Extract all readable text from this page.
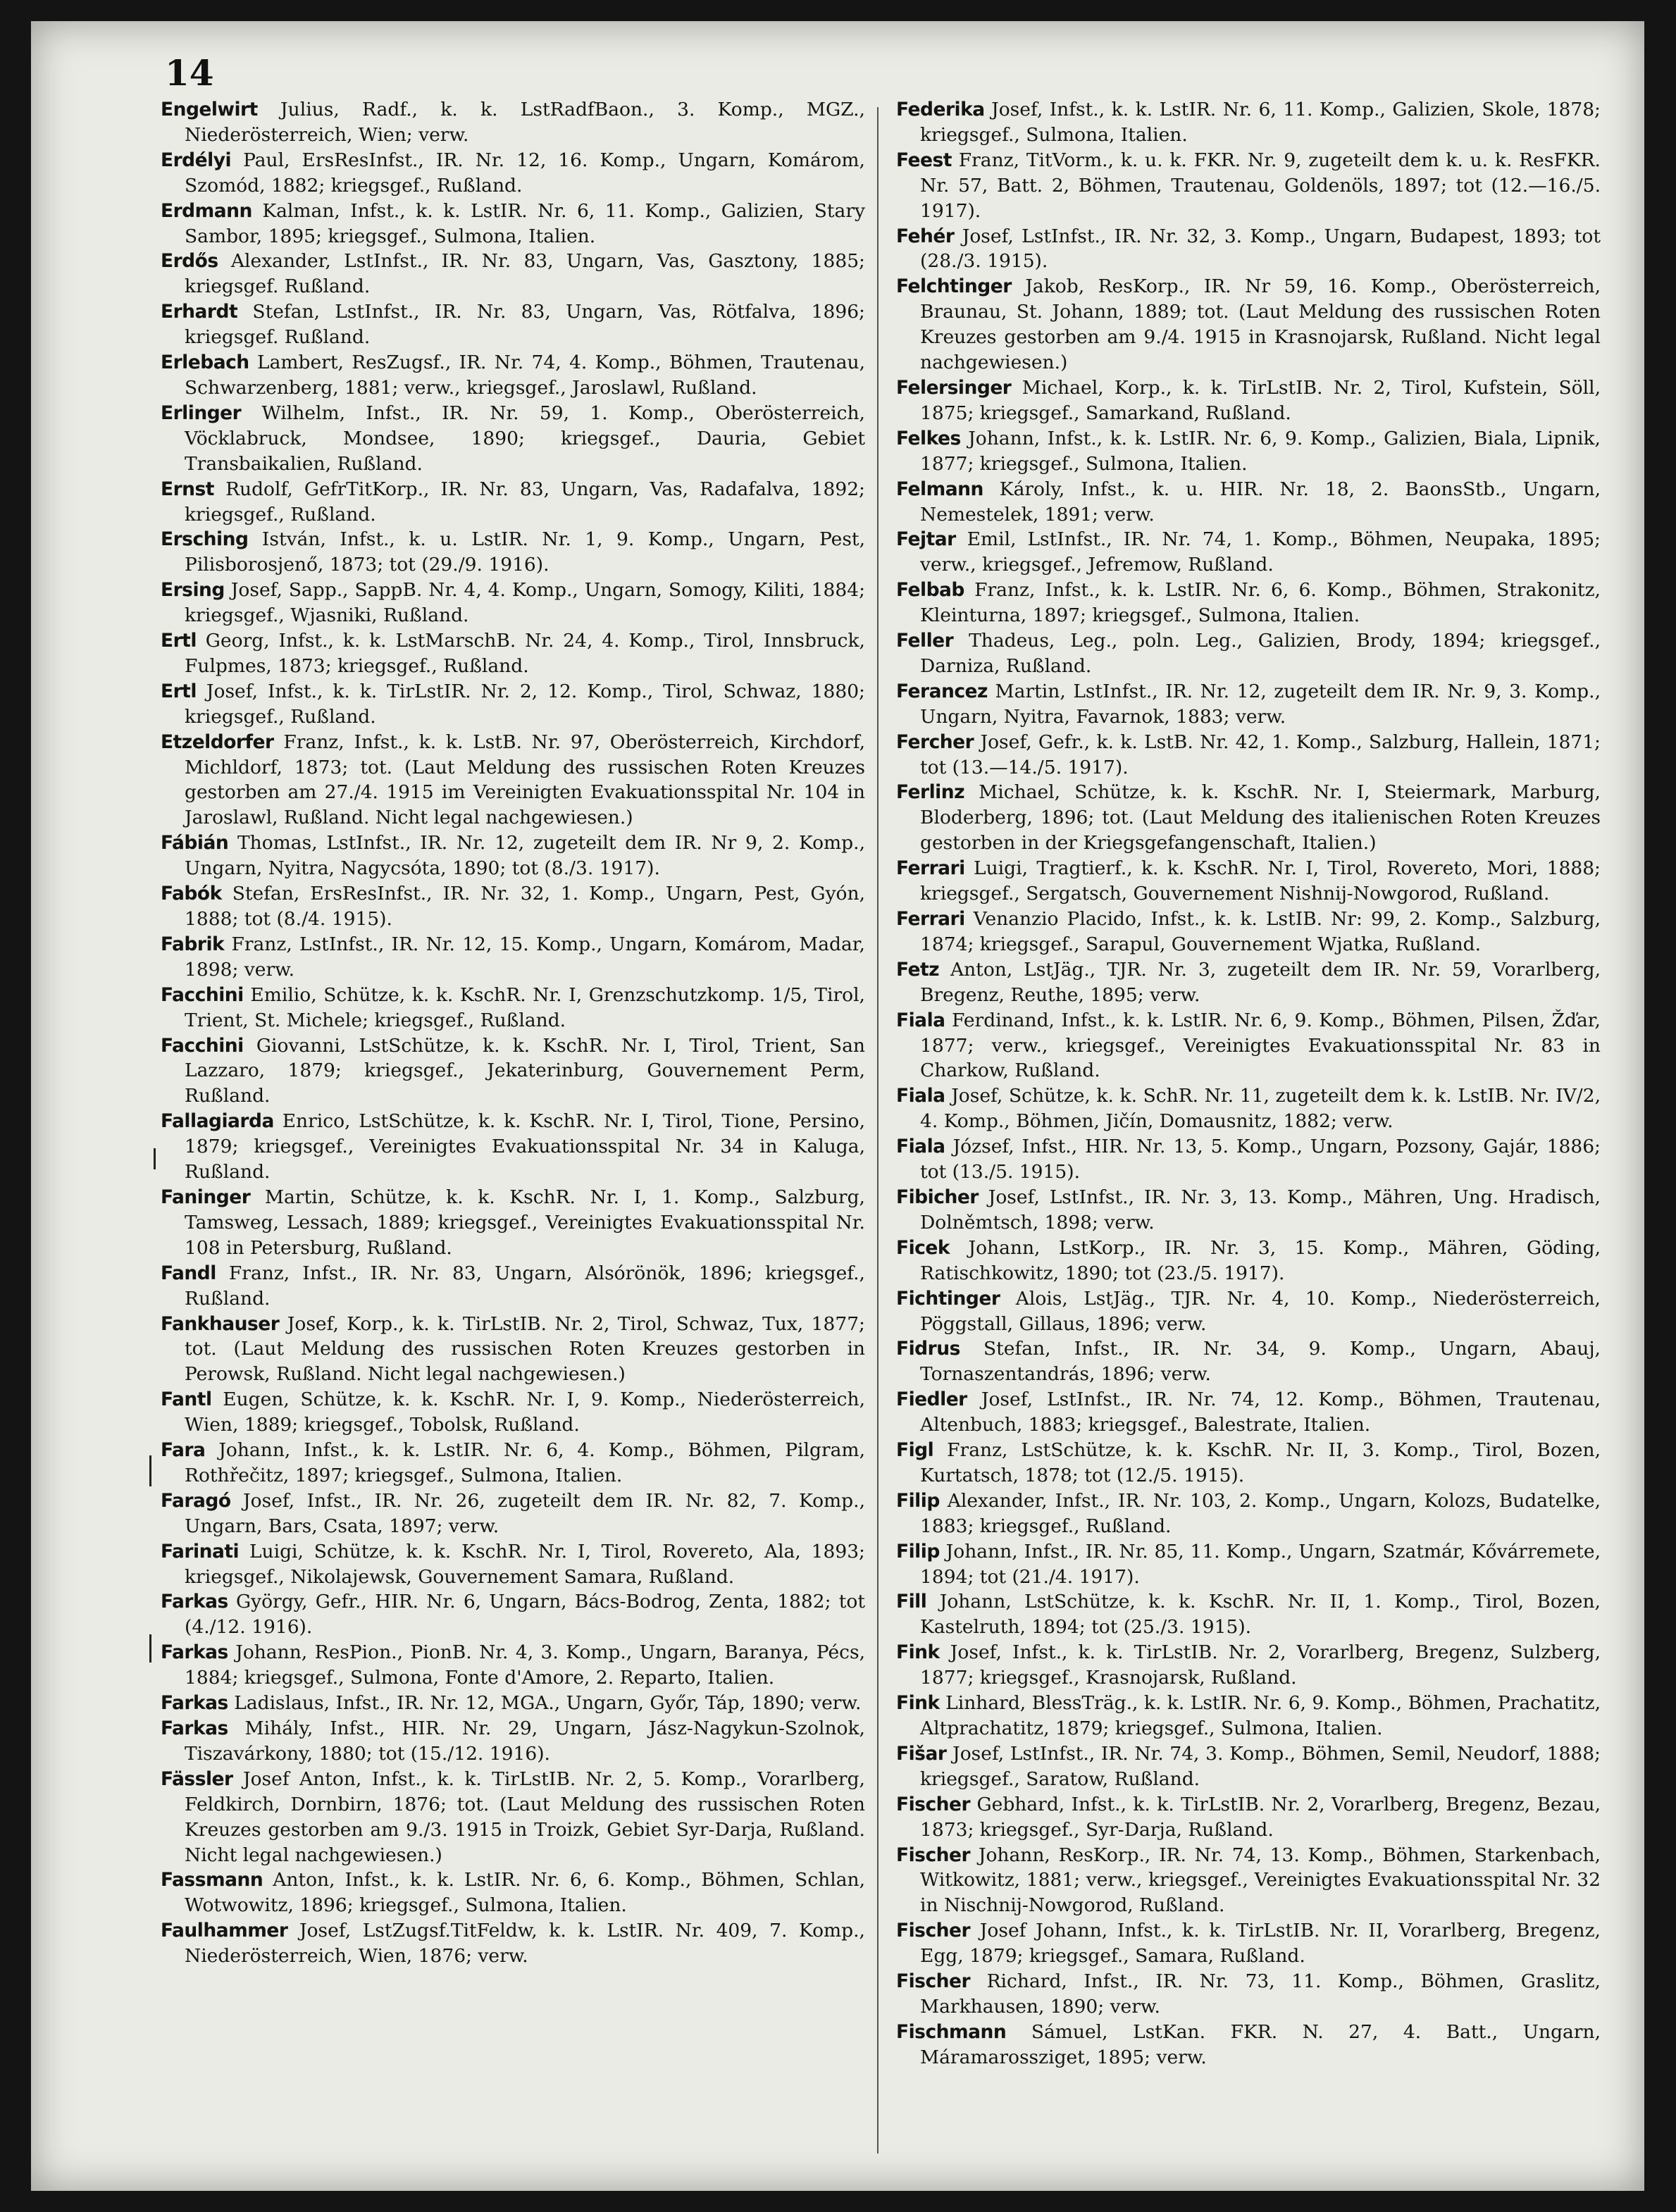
14

Engelwirt Julius, Radf., k. k. LstRadfBaon., 3. Komp., MGZ., Niederösterreich, Wien; verw.

Erdélyi Paul, ErsResInfst., IR. Nr. 12, 16. Komp., Ungarn, Komárom, Szomód, 1882; kriegsgef., Rußland.

Erdmann Kalman, Infst., k. k. LstIR. Nr. 6, 11. Komp., Galizien, Stary Sambor, 1895; kriegsgef., Sulmona, Italien.

Erdős Alexander, LstInfst., IR. Nr. 83, Ungarn, Vas, Gasztony, 1885; kriegsgef. Rußland.

Erhardt Stefan, LstInfst., IR. Nr. 83, Ungarn, Vas, Rötfalva, 1896; kriegsgef. Rußland.

Erlebach Lambert, ResZugsf., IR. Nr. 74, 4. Komp., Böhmen, Trautenau, Schwarzenberg, 1881; verw., kriegsgef., Jaroslawl, Rußland.

Erlinger Wilhelm, Infst., IR. Nr. 59, 1. Komp., Oberösterreich, Vöcklabruck, Mondsee, 1890; kriegsgef., Dauria, Gebiet Transbaikalien, Rußland.

Ernst Rudolf, GefrTitKorp., IR. Nr. 83, Ungarn, Vas, Radafalva, 1892; kriegsgef., Rußland.

Ersching István, Infst., k. u. LstIR. Nr. 1, 9. Komp., Ungarn, Pest, Pilisborosjenő, 1873; tot (29./9. 1916).

Ersing Josef, Sapp., SappB. Nr. 4, 4. Komp., Ungarn, Somogy, Kiliti, 1884; kriegsgef., Wjasniki, Rußland.

Ertl Georg, Infst., k. k. LstMarschB. Nr. 24, 4. Komp., Tirol, Innsbruck, Fulpmes, 1873; kriegsgef., Rußland.

Ertl Josef, Infst., k. k. TirLstIR. Nr. 2, 12. Komp., Tirol, Schwaz, 1880; kriegsgef., Rußland.

Etzeldorfer Franz, Infst., k. k. LstB. Nr. 97, Oberösterreich, Kirchdorf, Michldorf, 1873; tot. (Laut Meldung des russischen Roten Kreuzes gestorben am 27./4. 1915 im Vereinigten Evakuationsspital Nr. 104 in Jaroslawl, Rußland. Nicht legal nachgewiesen.)

Fábián Thomas, LstInfst., IR. Nr. 12, zugeteilt dem IR. Nr 9, 2. Komp., Ungarn, Nyitra, Nagycsóta, 1890; tot (8./3. 1917).

Fabók Stefan, ErsResInfst., IR. Nr. 32, 1. Komp., Ungarn, Pest, Gyón, 1888; tot (8./4. 1915).

Fabrik Franz, LstInfst., IR. Nr. 12, 15. Komp., Ungarn, Komárom, Madar, 1898; verw.

Facchini Emilio, Schütze, k. k. KschR. Nr. I, Grenzschutzkomp. 1/5, Tirol, Trient, St. Michele; kriegsgef., Rußland.

Facchini Giovanni, LstSchütze, k. k. KschR. Nr. I, Tirol, Trient, San Lazzaro, 1879; kriegsgef., Jekaterinburg, Gouvernement Perm, Rußland.

Fallagiarda Enrico, LstSchütze, k. k. KschR. Nr. I, Tirol, Tione, Persino, 1879; kriegsgef., Vereinigtes Evakuationsspital Nr. 34 in Kaluga, Rußland.

Faninger Martin, Schütze, k. k. KschR. Nr. I, 1. Komp., Salzburg, Tamsweg, Lessach, 1889; kriegsgef., Vereinigtes Evakuationsspital Nr. 108 in Petersburg, Rußland.

Fandl Franz, Infst., IR. Nr. 83, Ungarn, Alsórönök, 1896; kriegsgef., Rußland.

Fankhauser Josef, Korp., k. k. TirLstIB. Nr. 2, Tirol, Schwaz, Tux, 1877; tot. (Laut Meldung des russischen Roten Kreuzes gestorben in Perowsk, Rußland. Nicht legal nachgewiesen.)

Fantl Eugen, Schütze, k. k. KschR. Nr. I, 9. Komp., Niederösterreich, Wien, 1889; kriegsgef., Tobolsk, Rußland.

Fara Johann, Infst., k. k. LstIR. Nr. 6, 4. Komp., Böhmen, Pilgram, Rothřečitz, 1897; kriegsgef., Sulmona, Italien.

Faragó Josef, Infst., IR. Nr. 26, zugeteilt dem IR. Nr. 82, 7. Komp., Ungarn, Bars, Csata, 1897; verw.

Farinati Luigi, Schütze, k. k. KschR. Nr. I, Tirol, Rovereto, Ala, 1893; kriegsgef., Nikolajewsk, Gouvernement Samara, Rußland.

Farkas György, Gefr., HIR. Nr. 6, Ungarn, Bács-Bodrog, Zenta, 1882; tot (4./12. 1916).

Farkas Johann, ResPion., PionB. Nr. 4, 3. Komp., Ungarn, Baranya, Pécs, 1884; kriegsgef., Sulmona, Fonte d'Amore, 2. Reparto, Italien.

Farkas Ladislaus, Infst., IR. Nr. 12, MGA., Ungarn, Győr, Táp, 1890; verw.

Farkas Mihály, Infst., HIR. Nr. 29, Ungarn, Jász-Nagykun-Szolnok, Tiszavárkony, 1880; tot (15./12. 1916).

Fässler Josef Anton, Infst., k. k. TirLstIB. Nr. 2, 5. Komp., Vorarlberg, Feldkirch, Dornbirn, 1876; tot. (Laut Meldung des russischen Roten Kreuzes gestorben am 9./3. 1915 in Troizk, Gebiet Syr-Darja, Rußland. Nicht legal nachgewiesen.)

Fassmann Anton, Infst., k. k. LstIR. Nr. 6, 6. Komp., Böhmen, Schlan, Wotwowitz, 1896; kriegsgef., Sulmona, Italien.

Faulhammer Josef, LstZugsf.TitFeldw, k. k. LstIR. Nr. 409, 7. Komp., Niederösterreich, Wien, 1876; verw.

Federika Josef, Infst., k. k. LstIR. Nr. 6, 11. Komp., Galizien, Skole, 1878; kriegsgef., Sulmona, Italien.

Feest Franz, TitVorm., k. u. k. FKR. Nr. 9, zugeteilt dem k. u. k. ResFKR. Nr. 57, Batt. 2, Böhmen, Trautenau, Goldenöls, 1897; tot (12.—16./5. 1917).

Fehér Josef, LstInfst., IR. Nr. 32, 3. Komp., Ungarn, Budapest, 1893; tot (28./3. 1915).

Felchtinger Jakob, ResKorp., IR. Nr 59, 16. Komp., Oberösterreich, Braunau, St. Johann, 1889; tot. (Laut Meldung des russischen Roten Kreuzes gestorben am 9./4. 1915 in Krasnojarsk, Rußland. Nicht legal nachgewiesen.)

Felersinger Michael, Korp., k. k. TirLstIB. Nr. 2, Tirol, Kufstein, Söll, 1875; kriegsgef., Samarkand, Rußland.

Felkes Johann, Infst., k. k. LstIR. Nr. 6, 9. Komp., Galizien, Biala, Lipnik, 1877; kriegsgef., Sulmona, Italien.

Felmann Károly, Infst., k. u. HIR. Nr. 18, 2. BaonsStb., Ungarn, Nemestelek, 1891; verw.

Fejtar Emil, LstInfst., IR. Nr. 74, 1. Komp., Böhmen, Neupaka, 1895; verw., kriegsgef., Jefremow, Rußland.

Felbab Franz, Infst., k. k. LstIR. Nr. 6, 6. Komp., Böhmen, Strakonitz, Kleinturna, 1897; kriegsgef., Sulmona, Italien.

Feller Thadeus, Leg., poln. Leg., Galizien, Brody, 1894; kriegsgef., Darniza, Rußland.

Ferancez Martin, LstInfst., IR. Nr. 12, zugeteilt dem IR. Nr. 9, 3. Komp., Ungarn, Nyitra, Favarnok, 1883; verw.

Fercher Josef, Gefr., k. k. LstB. Nr. 42, 1. Komp., Salzburg, Hallein, 1871; tot (13.—14./5. 1917).

Ferlinz Michael, Schütze, k. k. KschR. Nr. I, Steiermark, Marburg, Bloderberg, 1896; tot. (Laut Meldung des italienischen Roten Kreuzes gestorben in der Kriegsgefangenschaft, Italien.)

Ferrari Luigi, Tragtierf., k. k. KschR. Nr. I, Tirol, Rovereto, Mori, 1888; kriegsgef., Sergatsch, Gouvernement Nishnij-Nowgorod, Rußland.

Ferrari Venanzio Placido, Infst., k. k. LstIB. Nr: 99, 2. Komp., Salzburg, 1874; kriegsgef., Sarapul, Gouvernement Wjatka, Rußland.

Fetz Anton, LstJäg., TJR. Nr. 3, zugeteilt dem IR. Nr. 59, Vorarlberg, Bregenz, Reuthe, 1895; verw.

Fiala Ferdinand, Infst., k. k. LstIR. Nr. 6, 9. Komp., Böhmen, Pilsen, Žďar, 1877; verw., kriegsgef., Vereinigtes Evakuationsspital Nr. 83 in Charkow, Rußland.

Fiala Josef, Schütze, k. k. SchR. Nr. 11, zugeteilt dem k. k. LstIB. Nr. IV/2, 4. Komp., Böhmen, Jičín, Domausnitz, 1882; verw.

Fiala József, Infst., HIR. Nr. 13, 5. Komp., Ungarn, Pozsony, Gajár, 1886; tot (13./5. 1915).

Fibicher Josef, LstInfst., IR. Nr. 3, 13. Komp., Mähren, Ung. Hradisch, Dolněmtsch, 1898; verw.

Ficek Johann, LstKorp., IR. Nr. 3, 15. Komp., Mähren, Göding, Ratischkowitz, 1890; tot (23./5. 1917).

Fichtinger Alois, LstJäg., TJR. Nr. 4, 10. Komp., Niederösterreich, Pöggstall, Gillaus, 1896; verw.

Fidrus Stefan, Infst., IR. Nr. 34, 9. Komp., Ungarn, Abauj, Tornaszentandrás, 1896; verw.

Fiedler Josef, LstInfst., IR. Nr. 74, 12. Komp., Böhmen, Trautenau, Altenbuch, 1883; kriegsgef., Balestrate, Italien.

Figl Franz, LstSchütze, k. k. KschR. Nr. II, 3. Komp., Tirol, Bozen, Kurtatsch, 1878; tot (12./5. 1915).

Filip Alexander, Infst., IR. Nr. 103, 2. Komp., Ungarn, Kolozs, Budatelke, 1883; kriegsgef., Rußland.

Filip Johann, Infst., IR. Nr. 85, 11. Komp., Ungarn, Szatmár, Kővárremete, 1894; tot (21./4. 1917).

Fill Johann, LstSchütze, k. k. KschR. Nr. II, 1. Komp., Tirol, Bozen, Kastelruth, 1894; tot (25./3. 1915).

Fink Josef, Infst., k. k. TirLstIB. Nr. 2, Vorarlberg, Bregenz, Sulzberg, 1877; kriegsgef., Krasnojarsk, Rußland.

Fink Linhard, BlessTräg., k. k. LstIR. Nr. 6, 9. Komp., Böhmen, Prachatitz, Altprachatitz, 1879; kriegsgef., Sulmona, Italien.

Fišar Josef, LstInfst., IR. Nr. 74, 3. Komp., Böhmen, Semil, Neudorf, 1888; kriegsgef., Saratow, Rußland.

Fischer Gebhard, Infst., k. k. TirLstIB. Nr. 2, Vorarlberg, Bregenz, Bezau, 1873; kriegsgef., Syr-Darja, Rußland.

Fischer Johann, ResKorp., IR. Nr. 74, 13. Komp., Böhmen, Starkenbach, Witkowitz, 1881; verw., kriegsgef., Vereinigtes Evakuationsspital Nr. 32 in Nischnij-Nowgorod, Rußland.

Fischer Josef Johann, Infst., k. k. TirLstIB. Nr. II, Vorarlberg, Bregenz, Egg, 1879; kriegsgef., Samara, Rußland.

Fischer Richard, Infst., IR. Nr. 73, 11. Komp., Böhmen, Graslitz, Markhausen, 1890; verw.

Fischmann Sámuel, LstKan. FKR. N. 27, 4. Batt., Ungarn, Máramarossziget, 1895; verw.
